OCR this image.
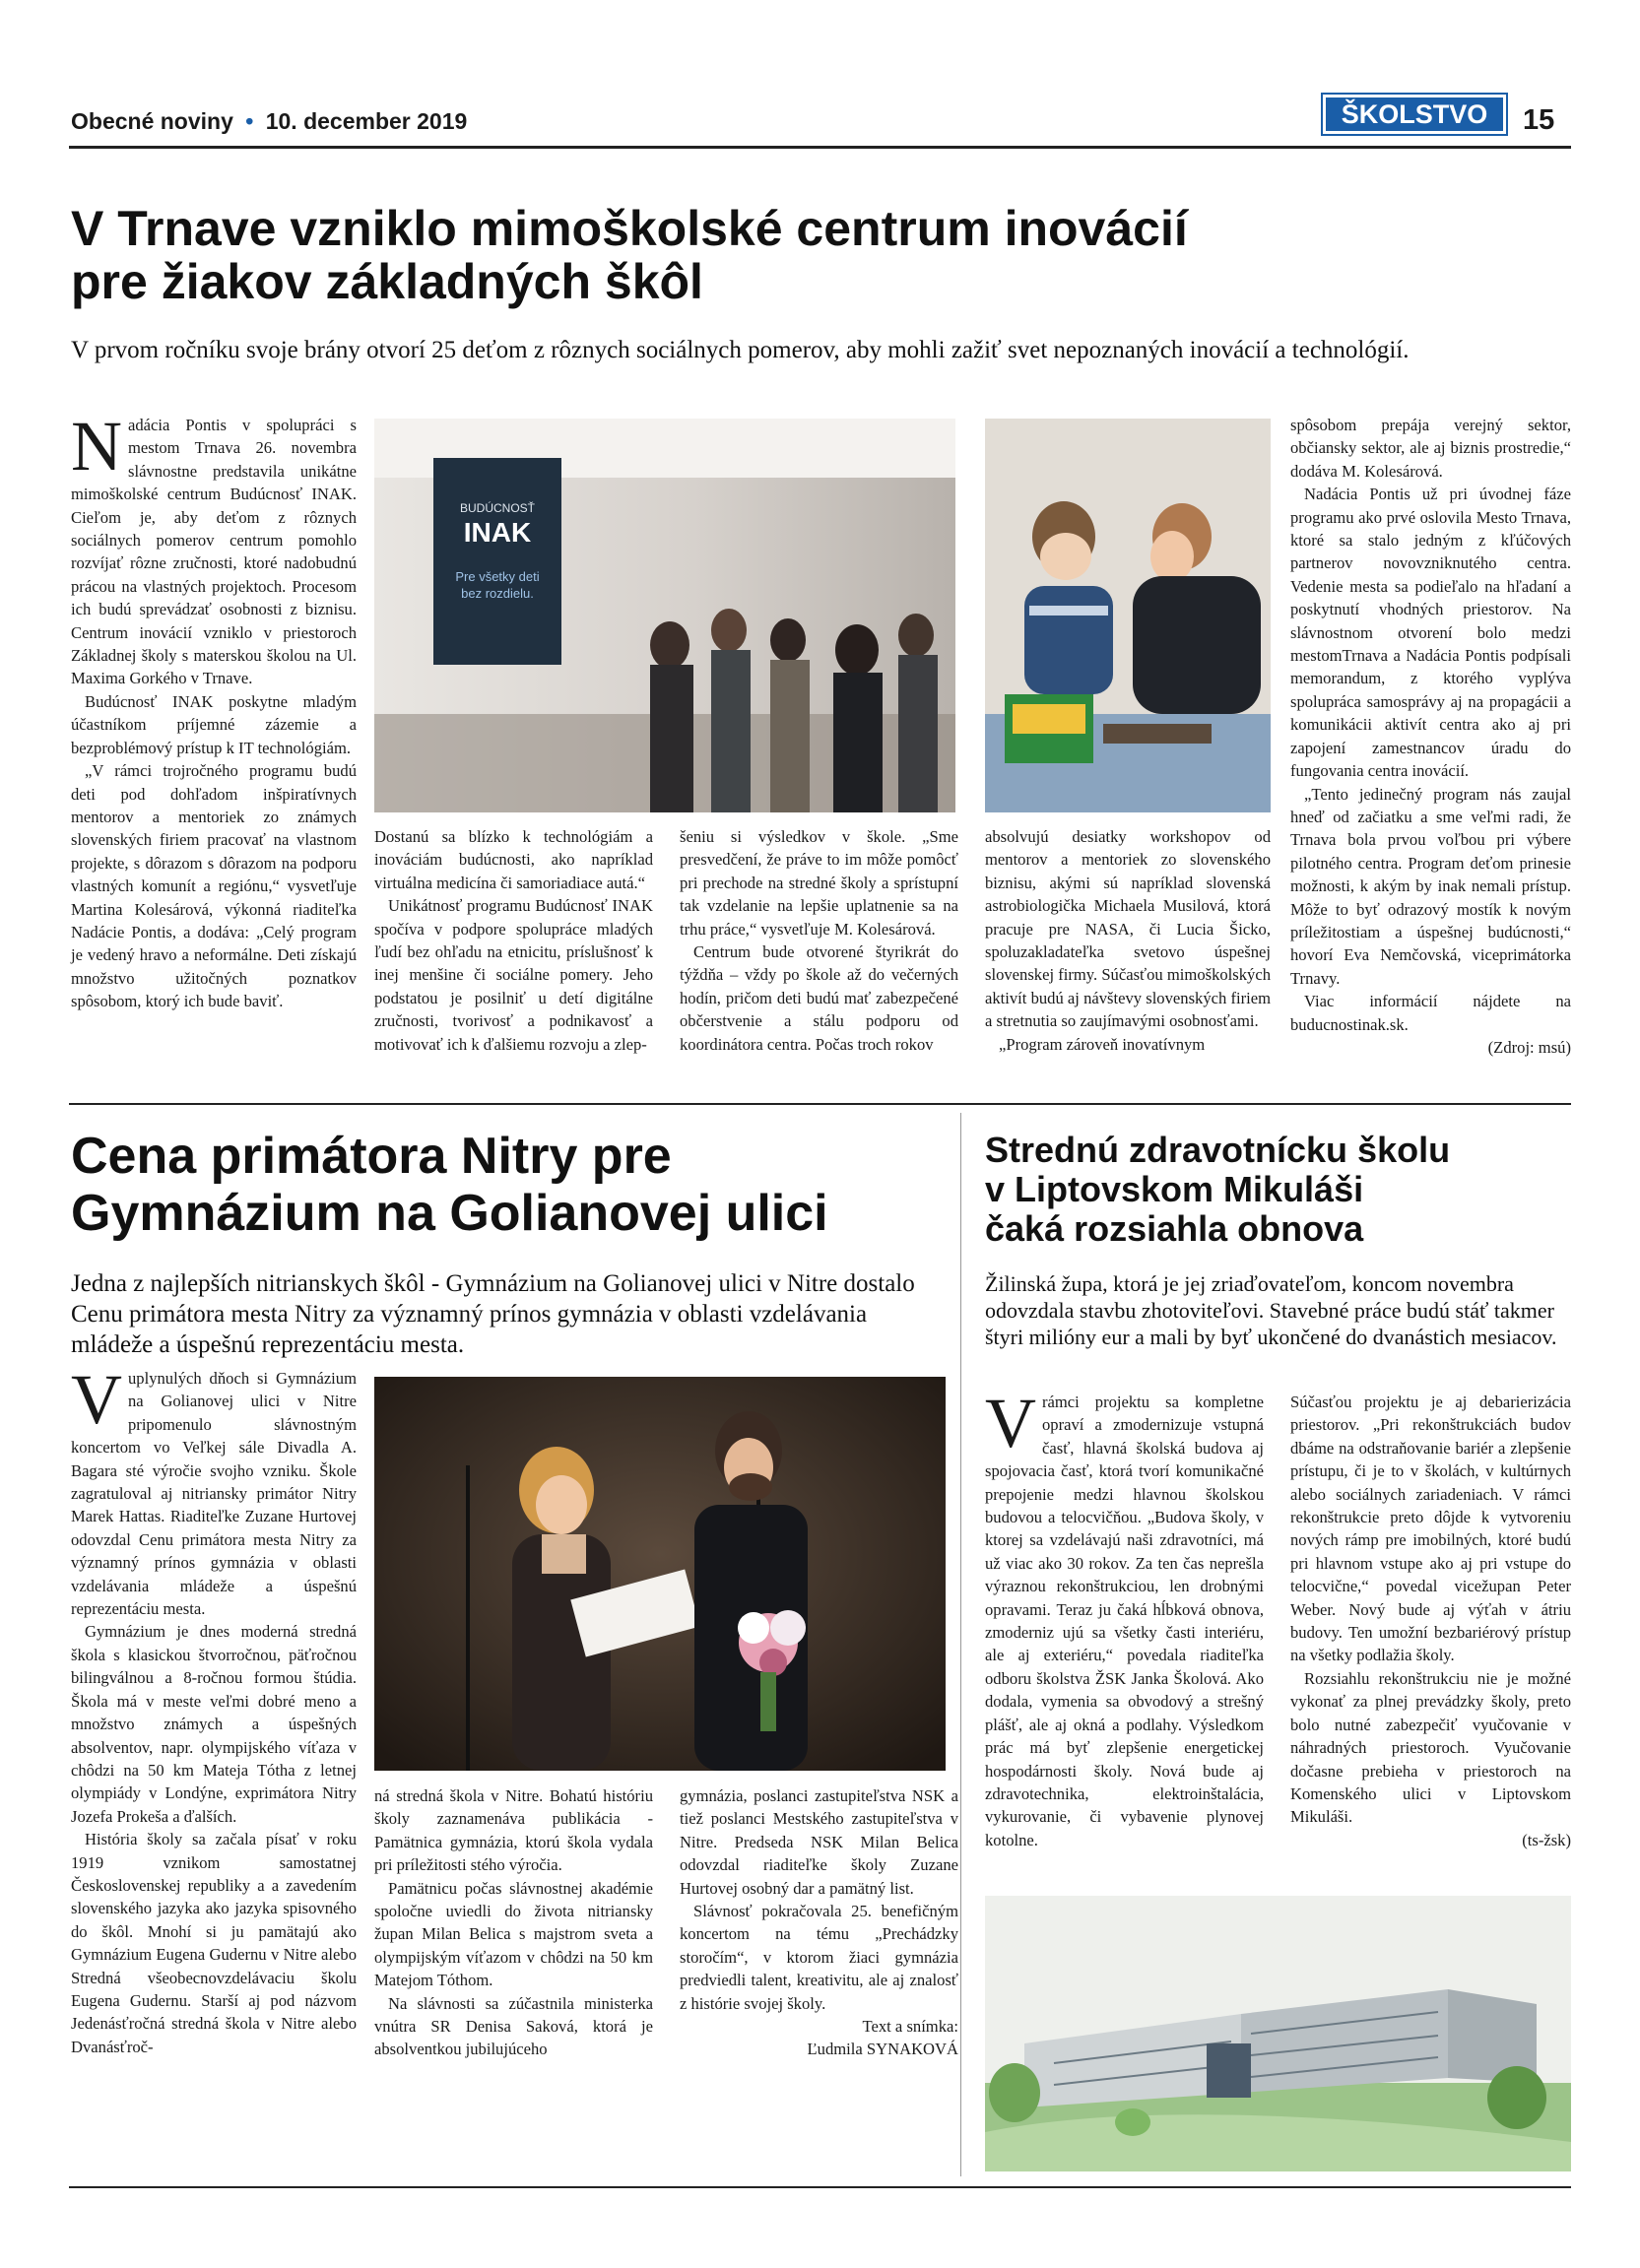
Obecné noviny • 10. december 2019	ŠKOLSTVO	15
V Trnave vzniklo mimoškolské centrum inovácií
pre žiakov základných škôl

V prvom ročníku svoje brány otvorí 25 deťom z rôznych sociálnych pomerov, aby mohli zažiť svet nepoznaných inovácií a technológií.

Nadácia Pontis v spolupráci s mestom Trnava 26. novembra slávnostne predstavila unikátne mimoškolské centrum Budúcnosť INAK. Cieľom je, aby deťom z rôznych sociálnych pomerov centrum pomohlo rozvíjať rôzne zručnosti, ktoré nadobudnú prácou na vlastných projektoch. Procesom ich budú sprevádzať osobnosti z biznisu. Centrum inovácií vzniklo v priestoroch Základnej školy s materskou školou na Ul. Maxima Gorkého v Trnave.

Budúcnosť INAK poskytne mladým účastníkom príjemné zázemie a bezproblémový prístup k IT technológiám.

„V rámci trojročného programu budú deti pod dohľadom inšpiratívnych mentorov a mentoriek zo známych slovenských firiem pracovať na vlastnom projekte, s dôrazom s dôrazom na podporu vlastných komunít a regiónu,“ vysvetľuje Martina Kolesárová, výkonná riaditeľka Nadácie Pontis, a dodáva: „Celý program je vedený hravo a neformálne. Deti získajú množstvo užitočných poznatkov spôsobom, ktorý ich bude baviť.

BUDÚCNOSŤ
INAK
Pre všetky deti
bez rozdielu.

Dostanú sa blízko k technológiám a inováciám budúcnosti, ako napríklad virtuálna medicína či samoriadiace autá.“

Unikátnosť programu Budúcnosť INAK spočíva v podpore spolupráce mladých ľudí bez ohľadu na etnicitu, príslušnosť k inej menšine či sociálne pomery. Jeho podstatou je posilniť u detí digitálne zručnosti, tvorivosť a podnikavosť a motivovať ich k ďalšiemu rozvoju a zlep-

šeniu si výsledkov v škole. „Sme presvedčení, že práve to im môže pomôcť pri prechode na stredné školy a sprístupní tak vzdelanie na lepšie uplatnenie sa na trhu práce,“ vysvetľuje M. Kolesárová.

Centrum bude otvorené štyrikrát do týždňa – vždy po škole až do večerných hodín, pričom deti budú mať zabezpečené občerstvenie a stálu podporu od koordinátora centra. Počas troch rokov

absolvujú desiatky workshopov od mentorov a mentoriek zo slovenského biznisu, akými sú napríklad slovenská astrobiologička Michaela Musilová, ktorá pracuje pre NASA, či Lucia Šicko, spoluzakladateľka svetovo úspešnej slovenskej firmy. Súčasťou mimoškolských aktivít budú aj návštevy slovenských firiem a stretnutia so zaujímavými osobnosťami.

„Program zároveň inovatívnym

spôsobom prepája verejný sektor, občiansky sektor, ale aj biznis prostredie,“ dodáva M. Kolesárová.

Nadácia Pontis už pri úvodnej fáze programu ako prvé oslovila Mesto Trnava, ktoré sa stalo jedným z kľúčových partnerov novovzniknutého centra. Vedenie mesta sa podieľalo na hľadaní a poskytnutí vhodných priestorov. Na slávnostnom otvorení bolo medzi mestomTrnava a Nadácia Pontis podpísali memorandum, z ktorého vyplýva spolupráca samosprávy aj na propagácii a komunikácii aktivít centra ako aj pri zapojení zamestnancov úradu do fungovania centra inovácií.

„Tento jedinečný program nás zaujal hneď od začiatku a sme veľmi radi, že Trnava bola prvou voľbou pri výbere pilotného centra. Program deťom prinesie možnosti, k akým by inak nemali prístup. Môže to byť odrazový mostík k novým príležitostiam a úspešnej budúcnosti,“ hovorí Eva Nemčovská, viceprimátorka Trnavy.

Viac informácií nájdete na buducnostinak.sk.

(Zdroj: msú)

Cena primátora Nitry pre
Gymnázium na Golianovej ulici

Jedna z najlepších nitrianskych škôl - Gymnázium na Golianovej ulici v Nitre dostalo Cenu primátora mesta Nitry za významný prínos gymnázia v oblasti vzdelávania mládeže a úspešnú reprezentáciu mesta.

Vuplynulých dňoch si Gymnázium na Golianovej ulici v Nitre pripomenulo slávnostným koncertom vo Veľkej sále Divadla A. Bagara sté výročie svojho vzniku. Škole zagratuloval aj nitriansky primátor Nitry Marek Hattas. Riaditeľke Zuzane Hurtovej odovzdal Cenu primátora mesta Nitry za významný prínos gymnázia v oblasti vzdelávania mládeže a úspešnú reprezentáciu mesta.

Gymnázium je dnes moderná stredná škola s klasickou štvorročnou, päťročnou bilingválnou a 8-ročnou formou štúdia. Škola má v meste veľmi dobré meno a množstvo známych a úspešných absolventov, napr. olympijského víťaza v chôdzi na 50 km Mateja Tótha z letnej olympiády v Londýne, exprimátora Nitry Jozefa Prokeša a ďalších.

História školy sa začala písať v roku 1919 vznikom samostatnej Československej republiky a a zavedením slovenského jazyka ako jazyka spisovného do škôl. Mnohí si ju pamätajú ako Gymnázium Eugena Gudernu v Nitre alebo Stredná všeobecnovzdelávaciu školu Eugena Gudernu. Starší aj pod názvom Jedenásťročná stredná škola v Nitre alebo Dvanásťroč-

ná stredná škola v Nitre. Bohatú históriu školy zaznamenáva publikácia - Pamätnica gymnázia, ktorú škola vydala pri príležitosti stého výročia.

Pamätnicu počas slávnostnej akadémie spoločne uviedli do života nitriansky župan Milan Belica s majstrom sveta a olympijským víťazom v chôdzi na 50 km Matejom Tóthom.

Na slávnosti sa zúčastnila ministerka vnútra SR Denisa Saková, ktorá je absolventkou jubilujúceho

gymnázia, poslanci zastupiteľstva NSK a tiež poslanci Mestského zastupiteľstva v Nitre. Predseda NSK Milan Belica odovzdal riaditeľke školy Zuzane Hurtovej osobný dar a pamätný list.

Slávnosť pokračovala 25. benefičným koncertom na tému „Prechádzky storočím“, v ktorom žiaci gymnázia predviedli talent, kreativitu, ale aj znalosť z histórie svojej školy.

Text a snímka:

Ľudmila SYNAKOVÁ

Strednú zdravotnícku školu
v Liptovskom Mikuláši
čaká rozsiahla obnova

Žilinská župa, ktorá je jej zriaďovateľom, koncom novembra odovzdala stavbu zhotoviteľovi. Stavebné práce budú stáť takmer štyri milióny eur a mali by byť ukončené do dvanástich mesiacov.

Vrámci projektu sa kompletne opraví a zmodernizuje vstupná časť, hlavná školská budova aj spojovacia časť, ktorá tvorí komunikačné prepojenie medzi hlavnou školskou budovou a telocvičňou. „Budova školy, v ktorej sa vzdelávajú naši zdravotníci, má už viac ako 30 rokov. Za ten čas neprešla výraznou rekonštrukciou, len drobnými opravami. Teraz ju čaká hĺbková obnova, zmoderniz ujú sa všetky časti interiéru, ale aj exteriéru,“ povedala riaditeľka odboru školstva ŽSK Janka Školová. Ako dodala, vymenia sa obvodový a strešný plášť, ale aj okná a podlahy. Výsledkom prác má byť zlepšenie energetickej hospodárnosti školy. Nová bude aj zdravotechnika, elektroinštalácia, vykurovanie, či vybavenie plynovej kotolne.

Súčasťou projektu je aj debarierizácia priestorov. „Pri rekonštrukciách budov dbáme na odstraňovanie bariér a zlepšenie prístupu, či je to v školách, v kultúrnych alebo sociálnych zariadeniach. V rámci rekonštrukcie preto dôjde k vytvoreniu nových rámp pre imobilných, ktoré budú pri hlavnom vstupe ako aj pri vstupe do telocvične,“ povedal vicežupan Peter Weber. Nový bude aj výťah v átriu budovy. Ten umožní bezbariérový prístup na všetky podlažia školy.

Rozsiahlu rekonštrukciu nie je možné vykonať za plnej prevádzky školy, preto bolo nutné zabezpečiť vyučovanie v náhradných priestoroch. Vyučovanie dočasne prebieha v priestoroch na Komenského ulici v Liptovskom Mikuláši.

(ts-žsk)
